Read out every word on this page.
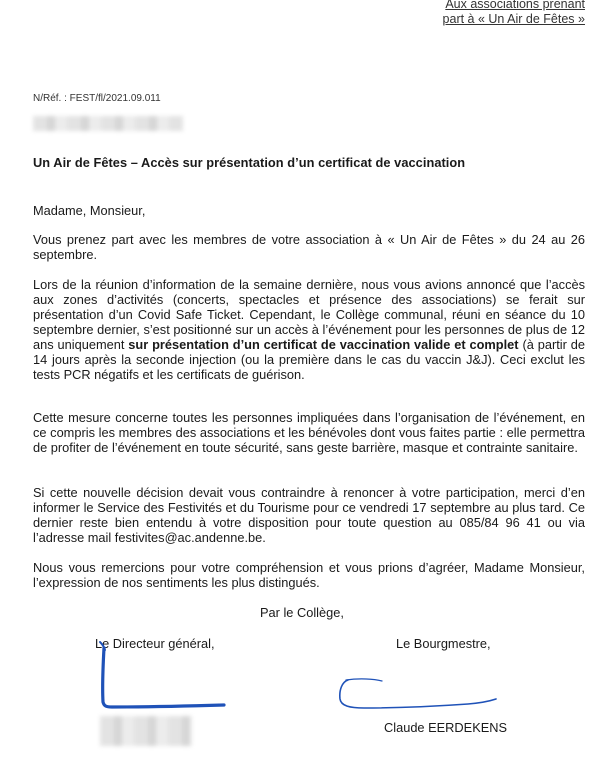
Aux associations prenant
part à « Un Air de Fêtes »
N/Réf. : FEST/fl/2021.09.011
Un Air de Fêtes – Accès sur présentation d’un certificat de vaccination
Madame, Monsieur,

Vous prenez part avec les membres de votre association à « Un Air de Fêtes » du 24 au 26 septembre.

Lors de la réunion d’information de la semaine dernière, nous vous avions annoncé que l’accès aux zones d’activités (concerts, spectacles et présence des associations) se ferait sur présentation d’un Covid Safe Ticket. Cependant, le Collège communal, réuni en séance du 10 septembre dernier, s’est positionné sur un accès à l’événement pour les personnes de plus de 12 ans uniquement sur présentation d’un certificat de vaccination valide et complet (à partir de 14 jours après la seconde injection (ou la première dans le cas du vaccin J&J). Ceci exclut les tests PCR négatifs et les certificats de guérison.

Cette mesure concerne toutes les personnes impliquées dans l’organisation de l’événement, en ce compris les membres des associations et les bénévoles dont vous faites partie : elle permettra de profiter de l’événement en toute sécurité, sans geste barrière, masque et contrainte sanitaire.

Si cette nouvelle décision devait vous contraindre à renoncer à votre participation, merci d’en informer le Service des Festivités et du Tourisme pour ce vendredi 17 septembre au plus tard. Ce dernier reste bien entendu à votre disposition pour toute question au 085/84 96 41 ou via l’adresse mail festivites@ac.andenne.be.

Nous vous remercions pour votre compréhension et vous prions d’agréer, Madame Monsieur, l’expression de nos sentiments les plus distingués.

Par le Collège,
Le Directeur général,	Le Bourgmestre,
Claude EERDEKENS
